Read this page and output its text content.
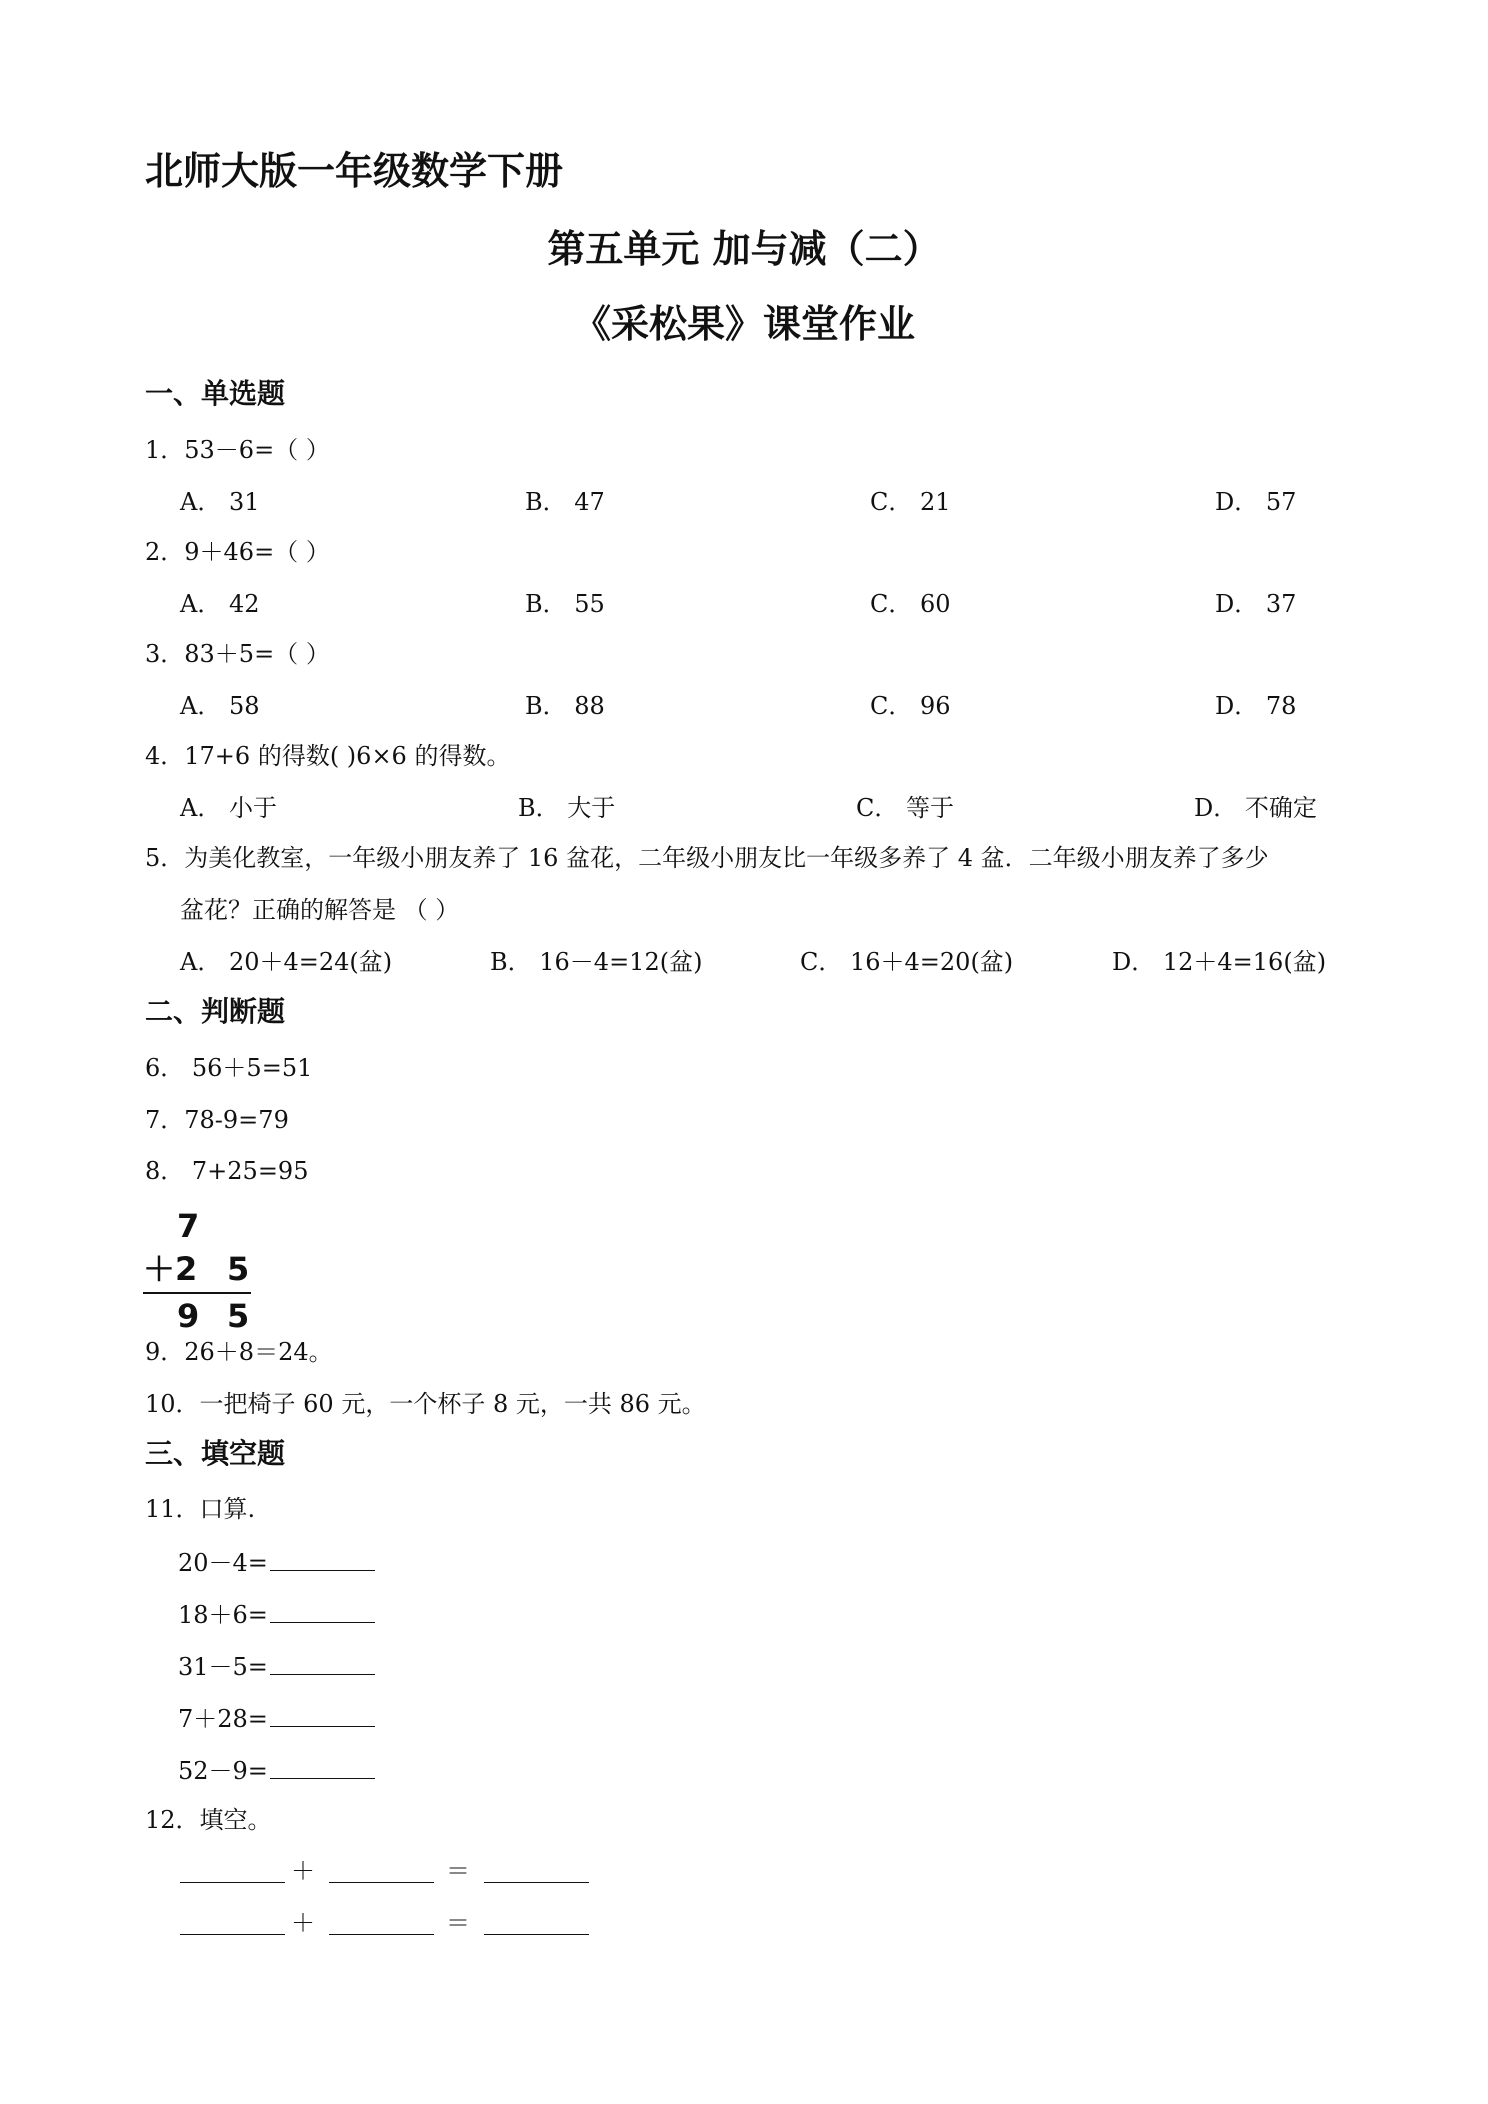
北师大版一年级数学下册
第五单元 加与减（二）
《采松果》课堂作业
一、单选题
1．53－6=（ ）
A． 31	B． 47	C． 21	D． 57
2．9＋46=（ ）
A． 42	B． 55	C． 60	D． 37
3．83＋5=（ ）
A． 58	B． 88	C． 96	D． 78
4．17+6 的得数( )6×6 的得数。
A． 小于	B． 大于	C． 等于	D． 不确定
5．为美化教室，一年级小朋友养了 16 盆花，二年级小朋友比一年级多养了 4 盆．二年级小朋友养了多少
盆花？正确的解答是 （ ）
A． 20＋4=24(盆)	B． 16－4=12(盆)	C． 16＋4=20(盆)	D． 12＋4=16(盆)
二、判断题
6． 56＋5=51
7．78-9=79
8． 7+25=95
7
＋2 5
9 5
9．26＋8＝24。
10．一把椅子 60 元，一个杯子 8 元，一共 86 元。
三、填空题
11．口算.
20－4=
18＋6=
31－5=
7＋28=
52－9=
12．填空。
＋	＝
＋	＝
